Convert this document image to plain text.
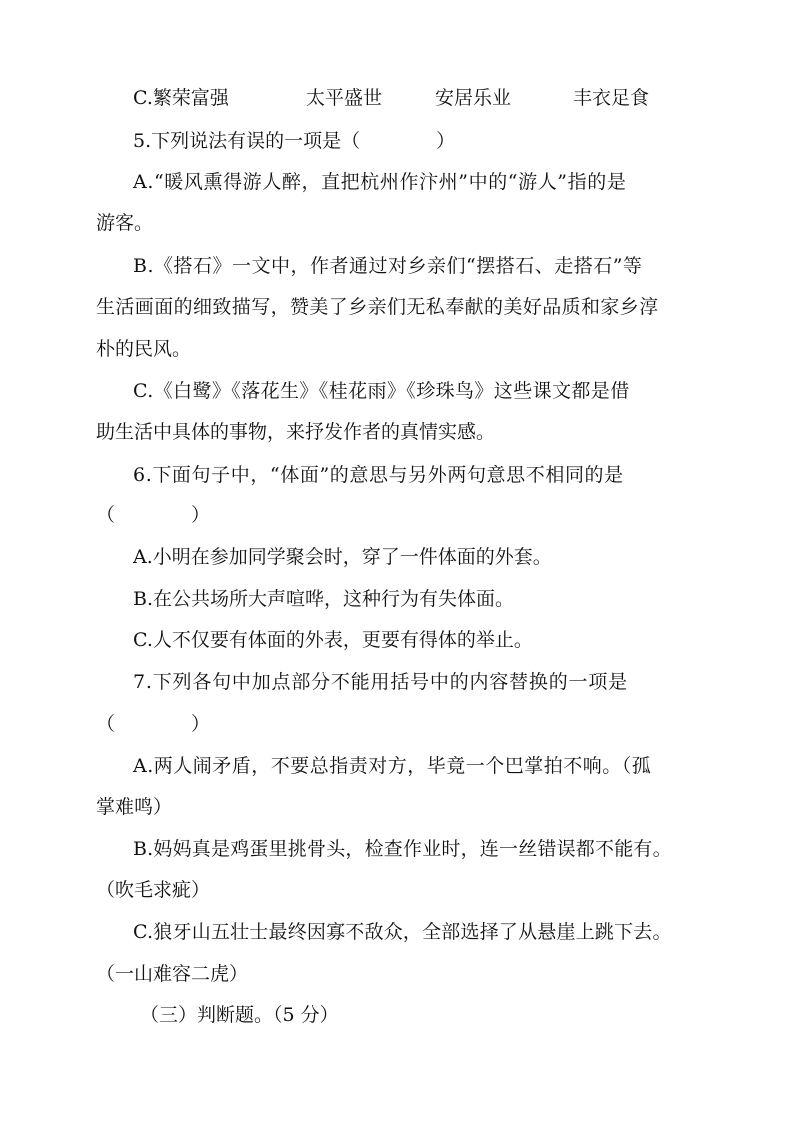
C.繁荣富强	太平盛世	安居乐业	丰衣足食
5.下列说法有误的一项是（　　　　）
A.“暖风熏得游人醉，直把杭州作汴州”中的“游人”指的是
游客。
B.《搭石》一文中，作者通过对乡亲们“摆搭石、走搭石”等
生活画面的细致描写，赞美了乡亲们无私奉献的美好品质和家乡淳
朴的民风。
C.《白鹭》《落花生》《桂花雨》《珍珠鸟》这些课文都是借
助生活中具体的事物，来抒发作者的真情实感。
6.下面句子中，“体面”的意思与另外两句意思不相同的是
（　　　　）
A.小明在参加同学聚会时，穿了一件体面的外套。
B.在公共场所大声喧哗，这种行为有失体面。
C.人不仅要有体面的外表，更要有得体的举止。
7.下列各句中加点部分不能用括号中的内容替换的一项是
（　　　　）
A.两人闹矛盾，不要总指责对方，毕竟一个巴掌拍不响。（孤
掌难鸣）
B.妈妈真是鸡蛋里挑骨头，检查作业时，连一丝错误都不能有。
（吹毛求疵）
C.狼牙山五壮士最终因寡不敌众，全部选择了从悬崖上跳下去。
（一山难容二虎）
（三）判断题。（5 分）
